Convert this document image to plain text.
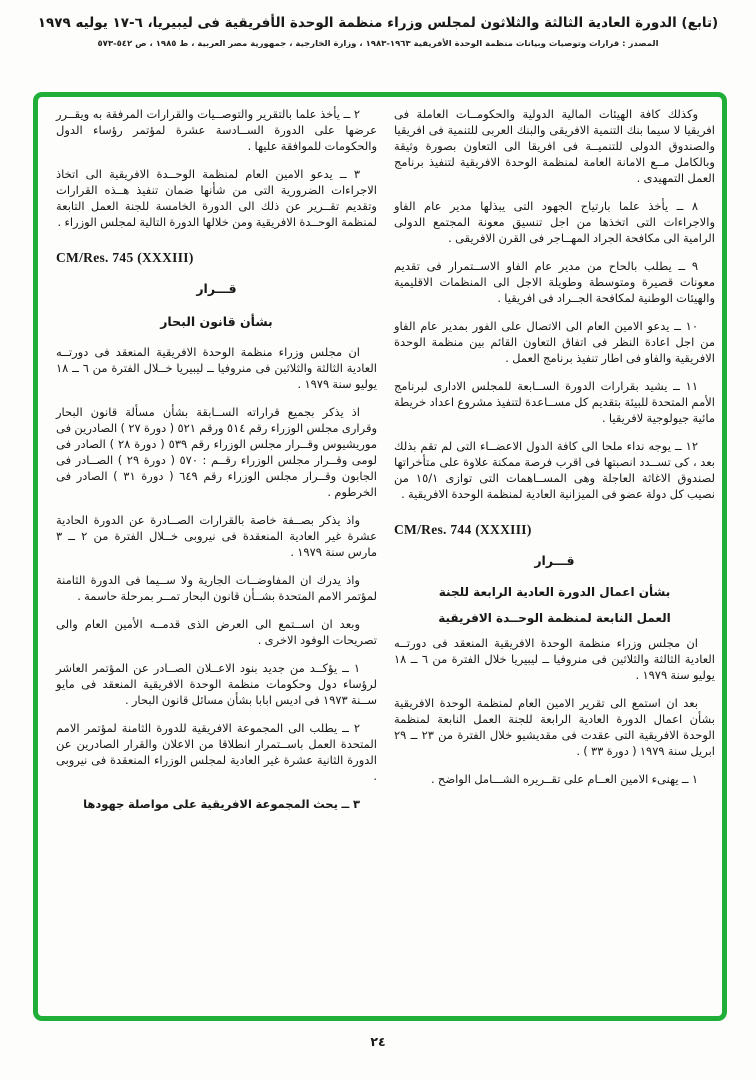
(تابع) الدورة العادية الثالثة والثلاثون لمجلس وزراء منظمة الوحدة الأفريقية فى ليبيريا، ٦-١٧ يوليه ١٩٧٩
المصدر : قرارات وتوصيات وبيانات منظمة الوحدة الأفريقية ١٩٦٣-١٩٨٣ ، وزارة الخارجية ، جمهورية مصر العربية ، ط ١٩٨٥ ، ص ٥٤٢-٥٧٣

وكذلك كافة الهيئات المالية الدولية والحكومــات العاملة فى افريقيا لا سيما بنك التنمية الافريقى والبنك العربى للتنمية فى افريقيا والصندوق الدولى للتنميــة فى افريقا الى التعاون بصورة وثيقة وبالكامل مــع الامانة العامة لمنظمة الوحدة الافريقية لتنفيذ برنامج العمل التمهيدى .

٨ ــ يأخذ علما بارتياح الجهود التى يبذلها مدير عام الفاو والاجراءات التى اتخذها من اجل تنسيق معونة المجتمع الدولى الرامية الى مكافحة الجراد المهــاجر فى القرن الافريقى .

٩ ــ يطلب بالحاح من مدير عام الفاو الاســتمرار فى تقديم معونات قصيرة ومتوسطة وطويلة الاجل الى المنظمات الاقليمية والهيئات الوطنية لمكافحة الجــراد فى افريقيا .

١٠ ــ يدعو الامين العام الى الاتصال على الفور بمدير عام الفاو من اجل اعادة النظر فى اتفاق التعاون القائم بين منظمة الوحدة الافريقية والفاو فى اطار تنفيذ برنامج العمل .

١١ ــ يشيد بقرارات الدورة الســابعة للمجلس الادارى لبرنامج الأمم المتحدة للبيئة بتقديم كل مســاعدة لتنفيذ مشروع اعداد خريطة مائية جيولوجية لافريقيا .

١٢ ــ يوجه نداء ملحا الى كافة الدول الاعضــاء التى لم تقم بذلك بعد ، كى تســدد انصبتها فى اقرب فرصة ممكنة علاوة على متأخراتها لصندوق الاغاثة العاجلة وهى المســاهمات التى توازى ١٥/١ من نصيب كل دولة عضو فى الميزانية العادية لمنظمة الوحدة الافريقية .

CM/Res. 744 (XXXIII)
قـــرار
بشأن اعمال الدورة العادية الرابعة للجنة
العمل النابعة لمنظمة الوحــدة الافريقية

ان مجلس وزراء منظمة الوحدة الافريقية المنعقد فى دورتــه العادية الثالثة والثلاثين فى منروفيا ــ ليبيريا خلال الفترة من ٦ ــ ١٨ يوليو سنة ١٩٧٩ .

بعد ان استمع الى تقرير الامين العام لمنظمة الوحدة الافريقية بشأن اعمال الدورة العادية الرابعة للجنة العمل النابعة لمنظمة الوحدة الافريقية التى عقدت فى مقديشيو خلال الفترة من ٢٣ ــ ٢٩ ابريل سنة ١٩٧٩ ( دورة ٣٣ ) .

١ ــ يهنىء الامين العــام على تقــريره الشـــامل الواضح .

٢ ــ يأخذ علما بالتقرير والتوصــيات والقرارات المرفقة به ويقــرر عرضها على الدورة الســادسة عشرة لمؤتمر رؤساء الدول والحكومات للموافقة عليها .

٣ ــ يدعو الامين العام لمنظمة الوحــدة الافريقية الى اتخاذ الاجراءات الضرورية التى من شأنها ضمان تنفيذ هــذه القرارات وتقديم تقــرير عن ذلك الى الدورة الخامسة للجنة العمل التابعة لمنظمة الوحــدة الافريقية ومن خلالها الدورة التالية لمجلس الوزراء .

CM/Res. 745 (XXXIII)
قـــرار
بشأن قانون البحار

ان مجلس وزراء منظمة الوحدة الافريقية المنعقد فى دورتــه العادية الثالثة والثلاثين فى منروفيا ــ ليبيريا خــلال الفترة من ٦ ــ ١٨ يوليو سنة ١٩٧٩ .

اذ يذكر بجميع قراراته الســابقة بشأن مسألة قانون البحار وقرارى مجلس الوزراء رقم ٥١٤ ورقم ٥٢١ ( دورة ٢٧ ) الصادرين فى موريشيوس وقــرار مجلس الوزراء رقم ٥٣٩ ( دورة ٢٨ ) الصادر فى لومى وقــرار مجلس الوزراء رقــم : ٥٧٠ ( دورة ٢٩ ) الصــادر فى الجابون وقــرار مجلس الوزراء رقم ٦٤٩ ( دورة ٣١ ) الصادر فى الخرطوم .

واذ يذكر بصــفة خاصة بالقرارات الصــادرة عن الدورة الحادية عشرة غير العادية المنعقدة فى نيروبى خــلال الفترة من ٢ ــ ٣ مارس سنة ١٩٧٩ .

واذ يدرك ان المفاوضــات الجارية ولا ســيما فى الدورة الثامنة لمؤتمر الامم المتحدة بشــأن قانون البحار تمــر بمرحلة حاسمة .

وبعد ان اســتمع الى العرض الذى قدمــه الأمين العام والى تصريحات الوفود الاخرى .

١ ــ يؤكــد من جديد بنود الاعــلان الصــادر عن المؤتمر العاشر لرؤساء دول وحكومات منظمة الوحدة الافريقية المنعقد فى مايو ســنة ١٩٧٣ فى اديس ابابا بشأن مسائل قانون البحار .

٢ ــ يطلب الى المجموعة الافريقية للدورة الثامنة لمؤتمر الامم المتحدة العمل باســتمرار انطلاقا من الاعلان والقرار الصادرين عن الدورة الثانية عشرة غير العادية لمجلس الوزراء المنعقدة فى نيروبى .

٣ ــ يحث المجموعة الافريقية على مواصلة جهودها

٢٤
